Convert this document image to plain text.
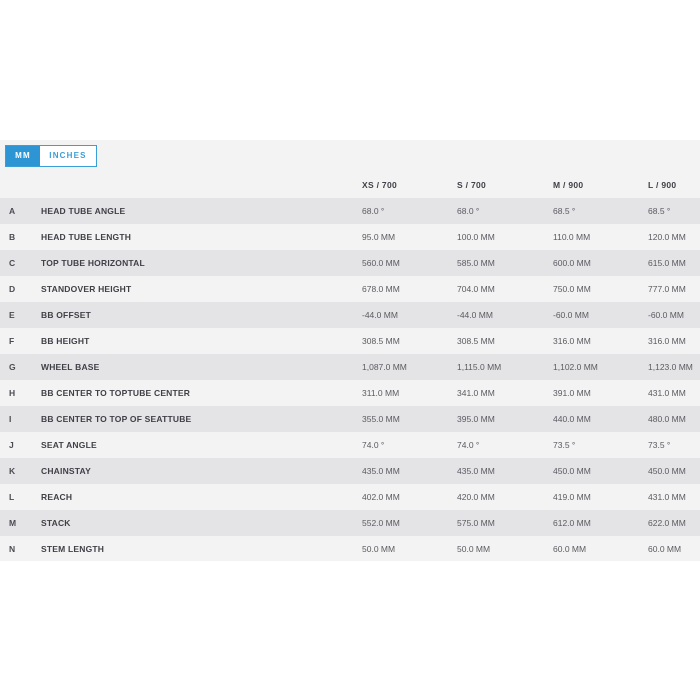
MM	INCHES
XS / 700	S / 700	M / 900	L / 900
A	HEAD TUBE ANGLE	68.0 °	68.0 °	68.5 °	68.5 °
B	HEAD TUBE LENGTH	95.0 MM	100.0 MM	110.0 MM	120.0 MM
C	TOP TUBE HORIZONTAL	560.0 MM	585.0 MM	600.0 MM	615.0 MM
D	STANDOVER HEIGHT	678.0 MM	704.0 MM	750.0 MM	777.0 MM
E	BB OFFSET	-44.0 MM	-44.0 MM	-60.0 MM	-60.0 MM
F	BB HEIGHT	308.5 MM	308.5 MM	316.0 MM	316.0 MM
G	WHEEL BASE	1,087.0 MM	1,115.0 MM	1,102.0 MM	1,123.0 MM
H	BB CENTER TO TOPTUBE CENTER	311.0 MM	341.0 MM	391.0 MM	431.0 MM
I	BB CENTER TO TOP OF SEATTUBE	355.0 MM	395.0 MM	440.0 MM	480.0 MM
J	SEAT ANGLE	74.0 °	74.0 °	73.5 °	73.5 °
K	CHAINSTAY	435.0 MM	435.0 MM	450.0 MM	450.0 MM
L	REACH	402.0 MM	420.0 MM	419.0 MM	431.0 MM
M	STACK	552.0 MM	575.0 MM	612.0 MM	622.0 MM
N	STEM LENGTH	50.0 MM	50.0 MM	60.0 MM	60.0 MM
